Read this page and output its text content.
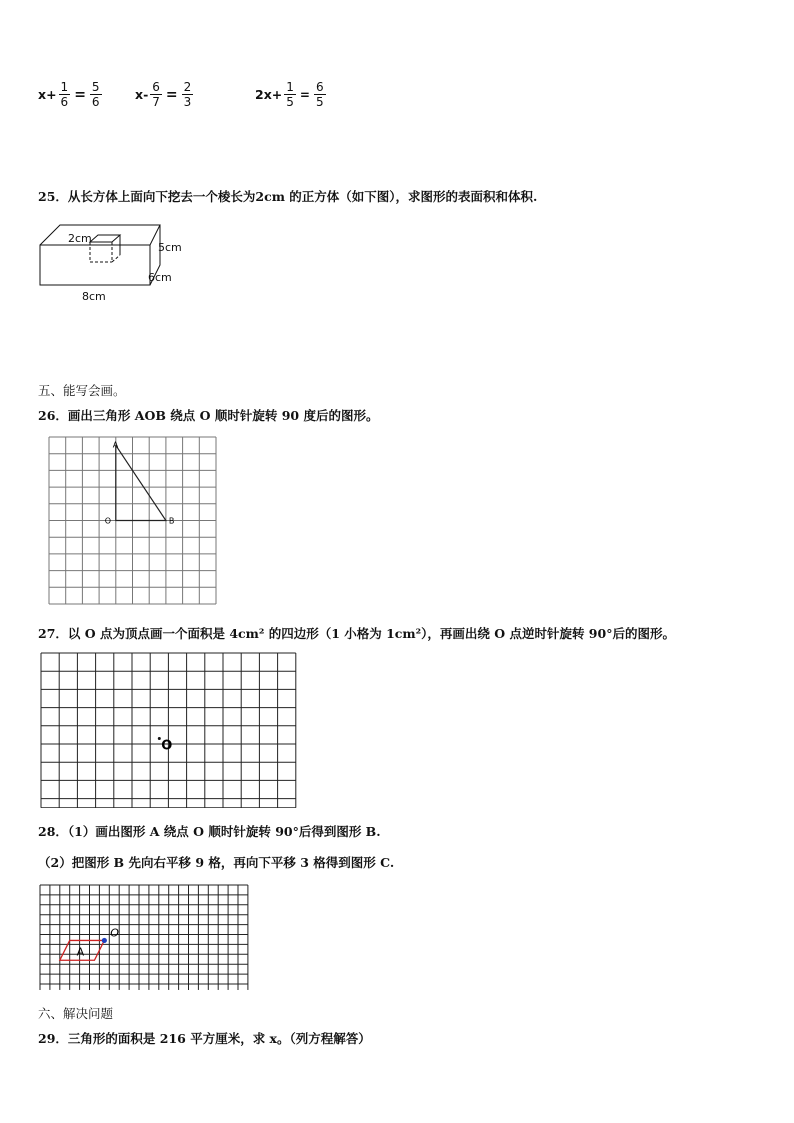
$x+ \frac{1}{6} = \frac{5}{6}$	$x- \frac{6}{7} = \frac{2}{3}$	$2x+ \frac{1}{5} = \frac{6}{5}$
25．从长方体上面向下挖去一个棱长为2cm 的正方体（如下图），求图形的表面积和体积.
2cm
5cm
6cm
8cm
五、能写会画。
26．画出三角形 AOB 绕点 O 顺时针旋转 90 度后的图形。
A
O	B
27．以 O 点为顶点画一个面积是 4cm² 的四边形（1 小格为 1cm²），再画出绕 O 点逆时针旋转 90°后的图形。
O
28．（1）画出图形 A 绕点 O 顺时针旋转 90°后得到图形 B.
（2）把图形 B 先向右平移 9 格，再向下平移 3 格得到图形 C.
A
O
六、解决问题
29．三角形的面积是 216 平方厘米，求 x。（列方程解答）
